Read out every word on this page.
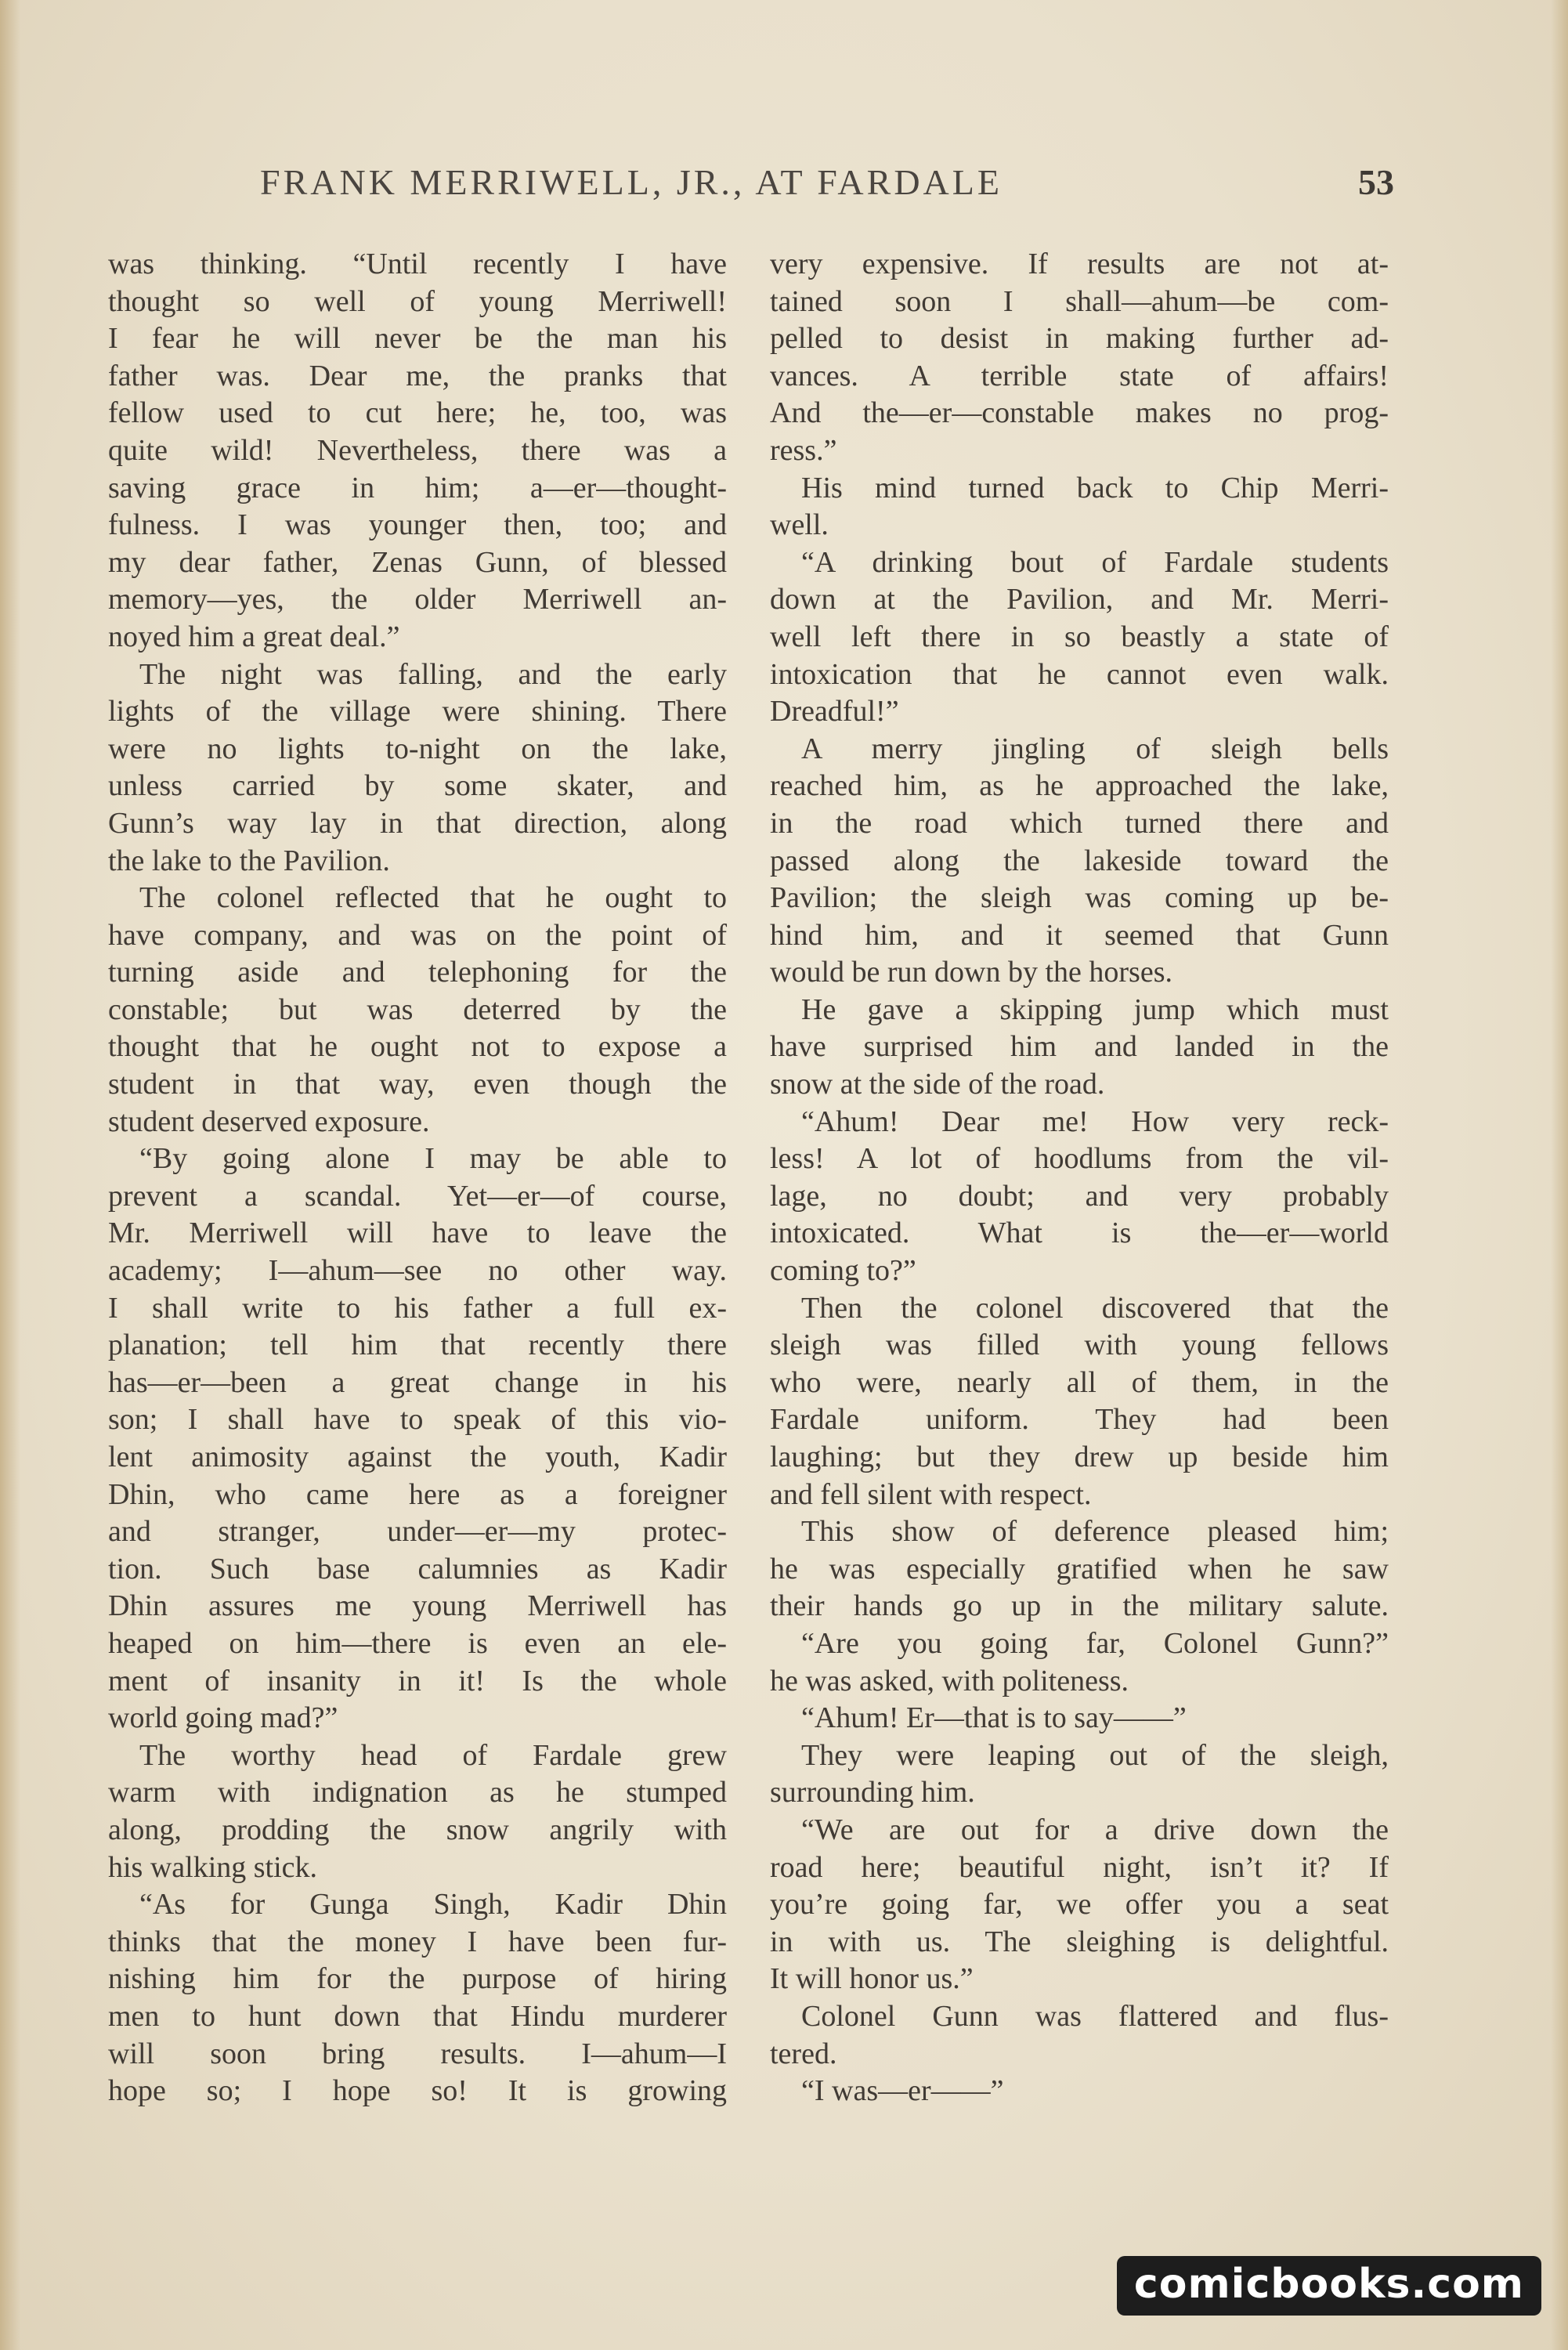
FRANK MERRIWELL, JR., AT FARDALE	53
was thinking. “Until recently I have
thought so well of young Merriwell!
I fear he will never be the man his
father was. Dear me, the pranks that
fellow used to cut here; he, too, was
quite wild! Nevertheless, there was a
saving grace in him; a—er—thought-
fulness. I was younger then, too; and
my dear father, Zenas Gunn, of blessed
memory—yes, the older Merriwell an-
noyed him a great deal.”
The night was falling, and the early
lights of the village were shining. There
were no lights to-night on the lake,
unless carried by some skater, and
Gunn’s way lay in that direction, along
the lake to the Pavilion.
The colonel reflected that he ought to
have company, and was on the point of
turning aside and telephoning for the
constable; but was deterred by the
thought that he ought not to expose a
student in that way, even though the
student deserved exposure.
“By going alone I may be able to
prevent a scandal. Yet—er—of course,
Mr. Merriwell will have to leave the
academy; I—ahum—see no other way.
I shall write to his father a full ex-
planation; tell him that recently there
has—er—been a great change in his
son; I shall have to speak of this vio-
lent animosity against the youth, Kadir
Dhin, who came here as a foreigner
and stranger, under—er—my protec-
tion. Such base calumnies as Kadir
Dhin assures me young Merriwell has
heaped on him—there is even an ele-
ment of insanity in it! Is the whole
world going mad?”
The worthy head of Fardale grew
warm with indignation as he stumped
along, prodding the snow angrily with
his walking stick.
“As for Gunga Singh, Kadir Dhin
thinks that the money I have been fur-
nishing him for the purpose of hiring
men to hunt down that Hindu murderer
will soon bring results. I—ahum—I
hope so; I hope so! It is growing
very expensive. If results are not at-
tained soon I shall—ahum—be com-
pelled to desist in making further ad-
vances. A terrible state of affairs!
And the—er—constable makes no prog-
ress.”
His mind turned back to Chip Merri-
well.
“A drinking bout of Fardale students
down at the Pavilion, and Mr. Merri-
well left there in so beastly a state of
intoxication that he cannot even walk.
Dreadful!”
A merry jingling of sleigh bells
reached him, as he approached the lake,
in the road which turned there and
passed along the lakeside toward the
Pavilion; the sleigh was coming up be-
hind him, and it seemed that Gunn
would be run down by the horses.
He gave a skipping jump which must
have surprised him and landed in the
snow at the side of the road.
“Ahum! Dear me! How very reck-
less! A lot of hoodlums from the vil-
lage, no doubt; and very probably
intoxicated. What is the—er—world
coming to?”
Then the colonel discovered that the
sleigh was filled with young fellows
who were, nearly all of them, in the
Fardale uniform. They had been
laughing; but they drew up beside him
and fell silent with respect.
This show of deference pleased him;
he was especially gratified when he saw
their hands go up in the military salute.
“Are you going far, Colonel Gunn?”
he was asked, with politeness.
“Ahum! Er—that is to say——”
They were leaping out of the sleigh,
surrounding him.
“We are out for a drive down the
road here; beautiful night, isn’t it? If
you’re going far, we offer you a seat
in with us. The sleighing is delightful.
It will honor us.”
Colonel Gunn was flattered and flus-
tered.
“I was—er——”
comicbooks.com
